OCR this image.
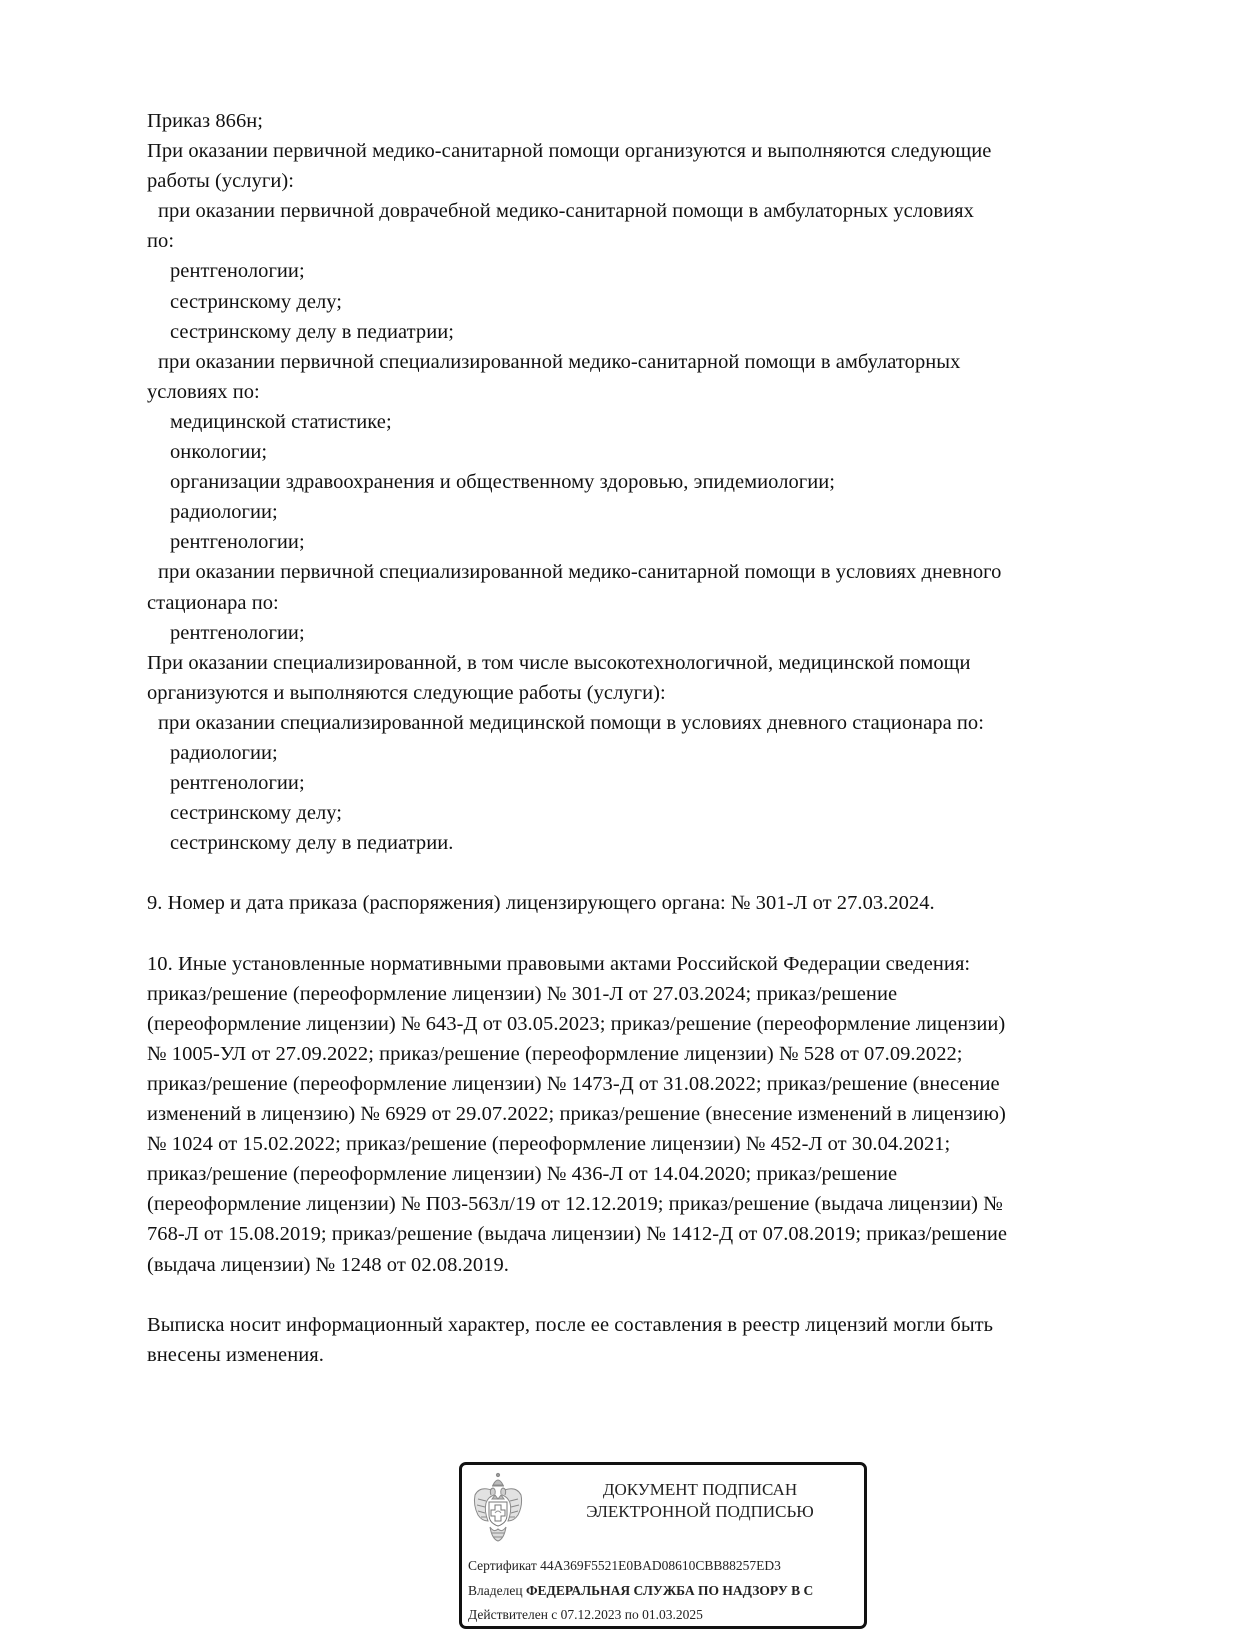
Приказ 866н;
При оказании первичной медико-санитарной помощи организуются и выполняются следующие
работы (услуги):
при оказании первичной доврачебной медико-санитарной помощи в амбулаторных условиях
по:
рентгенологии;
сестринскому делу;
сестринскому делу в педиатрии;
при оказании первичной специализированной медико-санитарной помощи в амбулаторных
условиях по:
медицинской статистике;
онкологии;
организации здравоохранения и общественному здоровью, эпидемиологии;
радиологии;
рентгенологии;
при оказании первичной специализированной медико-санитарной помощи в условиях дневного
стационара по:
рентгенологии;
При оказании специализированной, в том числе высокотехнологичной, медицинской помощи
организуются и выполняются следующие работы (услуги):
при оказании специализированной медицинской помощи в условиях дневного стационара по:
радиологии;
рентгенологии;
сестринскому делу;
сестринскому делу в педиатрии.
9. Номер и дата приказа (распоряжения) лицензирующего органа: № 301-Л от 27.03.2024.
10. Иные установленные нормативными правовыми актами Российской Федерации сведения:
приказ/решение (переоформление лицензии) № 301-Л от 27.03.2024; приказ/решение
(переоформление лицензии) № 643-Д от 03.05.2023; приказ/решение (переоформление лицензии)
№ 1005-УЛ от 27.09.2022; приказ/решение (переоформление лицензии) № 528 от 07.09.2022;
приказ/решение (переоформление лицензии) № 1473-Д от 31.08.2022; приказ/решение (внесение
изменений в лицензию) № 6929 от 29.07.2022; приказ/решение (внесение изменений в лицензию)
№ 1024 от 15.02.2022; приказ/решение (переоформление лицензии) № 452-Л от 30.04.2021;
приказ/решение (переоформление лицензии) № 436-Л от 14.04.2020; приказ/решение
(переоформление лицензии) № П03-563л/19 от 12.12.2019; приказ/решение (выдача лицензии) №
768-Л от 15.08.2019; приказ/решение (выдача лицензии) № 1412-Д от 07.08.2019; приказ/решение
(выдача лицензии) № 1248 от 02.08.2019.
Выписка носит информационный характер, после ее составления в реестр лицензий могли быть
внесены изменения.
ДОКУМЕНТ ПОДПИСАН
ЭЛЕКТРОННОЙ ПОДПИСЬЮ
Сертификат 44A369F5521E0BAD08610CBB88257ED3
Владелец ФЕДЕРАЛЬНАЯ СЛУЖБА ПО НАДЗОРУ В С
Действителен с 07.12.2023 по 01.03.2025
